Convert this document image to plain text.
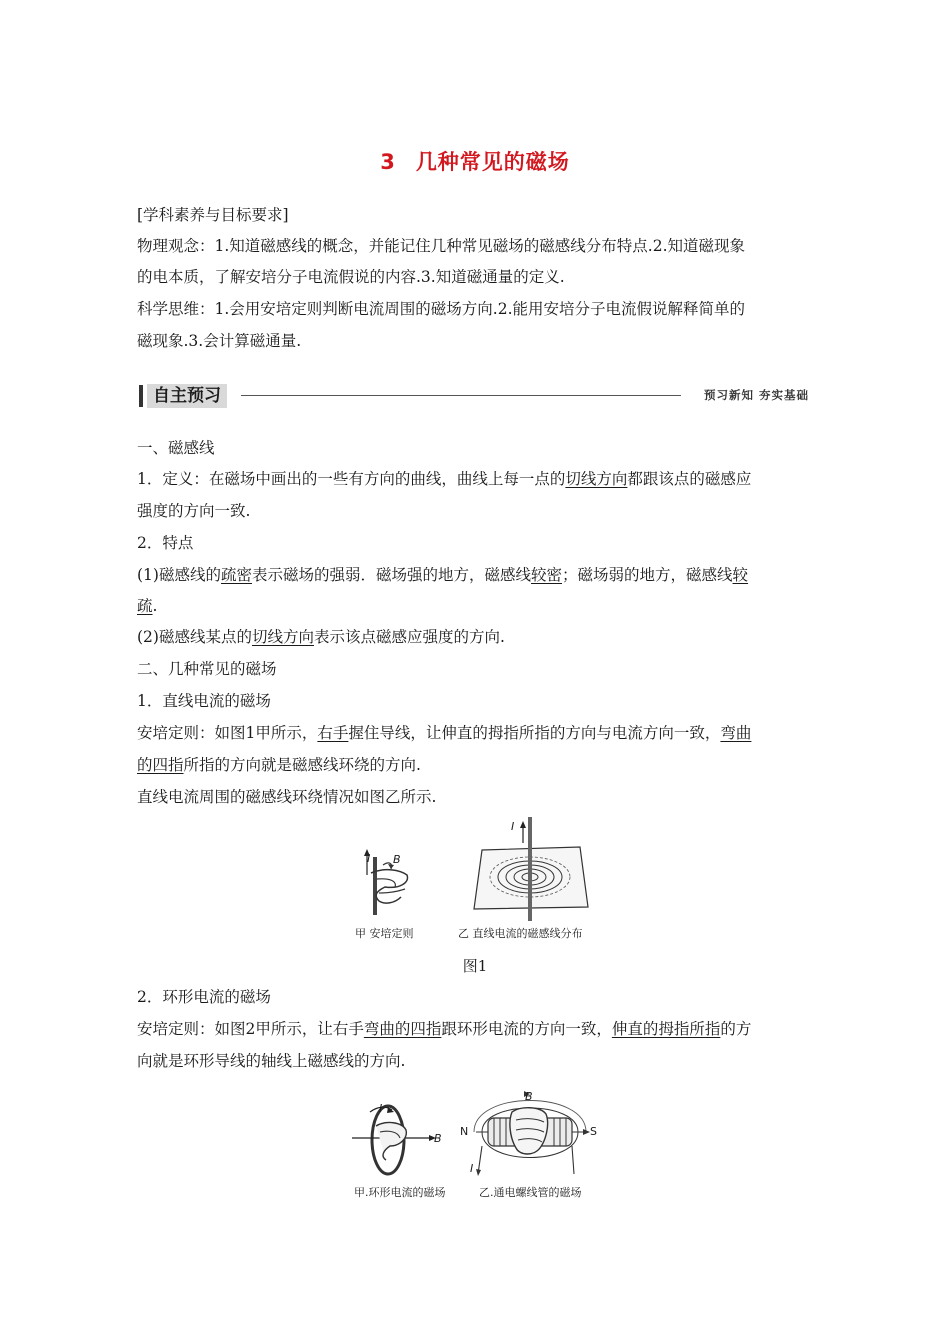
3 几种常见的磁场
[学科素养与目标要求]
物理观念：1.知道磁感线的概念，并能记住几种常见磁场的磁感线分布特点.2.知道磁现象
的电本质，了解安培分子电流假说的内容.3.知道磁通量的定义.
科学思维：1.会用安培定则判断电流周围的磁场方向.2.能用安培分子电流假说解释简单的
磁现象.3.会计算磁通量.
自主预习	预习新知 夯实基础
一、磁感线
1．定义：在磁场中画出的一些有方向的曲线，曲线上每一点的切线方向都跟该点的磁感应
强度的方向一致.
2．特点
(1)磁感线的疏密表示磁场的强弱．磁场强的地方，磁感线较密；磁场弱的地方，磁感线较
疏.
(2)磁感线某点的切线方向表示该点磁感应强度的方向.
二、几种常见的磁场
1．直线电流的磁场
安培定则：如图1甲所示，右手握住导线，让伸直的拇指所指的方向与电流方向一致，弯曲
的四指所指的方向就是磁感线环绕的方向.
直线电流周围的磁感线环绕情况如图乙所示.
I B
I
甲 安培定则	乙 直线电流的磁感线分布
图1
2．环形电流的磁场
安培定则：如图2甲所示，让右手弯曲的四指跟环形电流的方向一致，伸直的拇指所指的方
向就是环形导线的轴线上磁感线的方向.
I
B
B
N	S
I
甲.环形电流的磁场	乙.通电螺线管的磁场
